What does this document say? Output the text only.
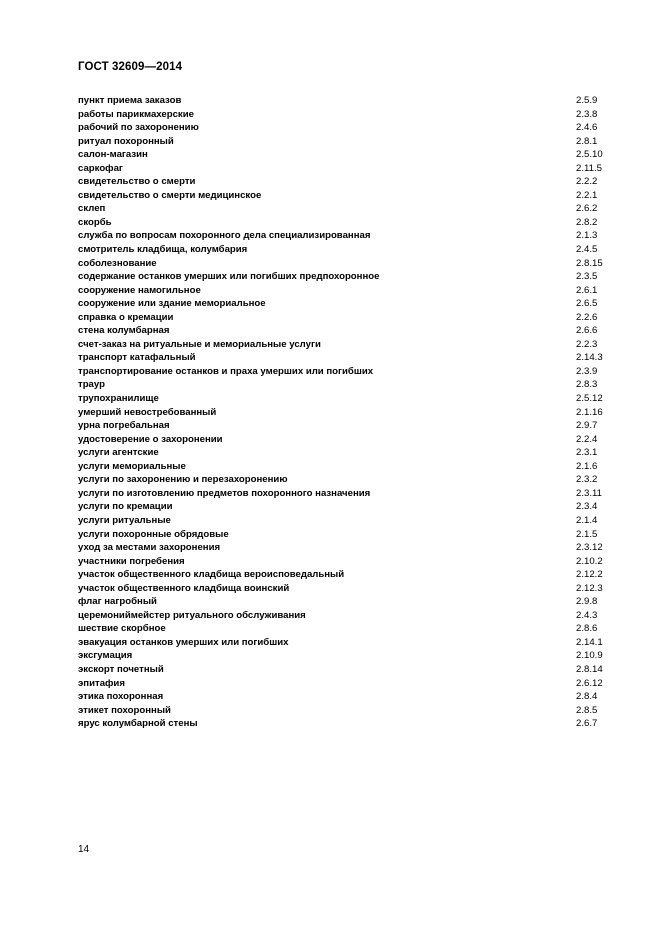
ГОСТ 32609—2014
пункт приема заказов	2.5.9
работы парикмахерские	2.3.8
рабочий по захоронению	2.4.6
ритуал похоронный	2.8.1
салон-магазин	2.5.10
саркофаг	2.11.5
свидетельство о смерти	2.2.2
свидетельство о смерти медицинское	2.2.1
склеп	2.6.2
скорбь	2.8.2
служба по вопросам похоронного дела специализированная	2.1.3
смотритель кладбища, колумбария	2.4.5
соболезнование	2.8.15
содержание останков умерших или погибших предпохоронное	2.3.5
сооружение намогильное	2.6.1
сооружение или здание мемориальное	2.6.5
справка о кремации	2.2.6
стена колумбарная	2.6.6
счет-заказ на ритуальные и мемориальные услуги	2.2.3
транспорт катафальный	2.14.3
транспортирование останков и праха умерших или погибших	2.3.9
траур	2.8.3
трупохранилище	2.5.12
умерший невостребованный	2.1.16
урна погребальная	2.9.7
удостоверение о захоронении	2.2.4
услуги агентские	2.3.1
услуги мемориальные	2.1.6
услуги по захоронению и перезахоронению	2.3.2
услуги по изготовлению предметов похоронного назначения	2.3.11
услуги по кремации	2.3.4
услуги ритуальные	2.1.4
услуги похоронные обрядовые	2.1.5
уход за местами захоронения	2.3.12
участники погребения	2.10.2
участок общественного кладбища вероисповедальный	2.12.2
участок общественного кладбища воинский	2.12.3
флаг нагробный	2.9.8
церемониймейстер ритуального обслуживания	2.4.3
шествие скорбное	2.8.6
эвакуация останков умерших или погибших	2.14.1
эксгумация	2.10.9
экскорт почетный	2.8.14
эпитафия	2.6.12
этика похоронная	2.8.4
этикет похоронный	2.8.5
ярус колумбарной стены	2.6.7
14
